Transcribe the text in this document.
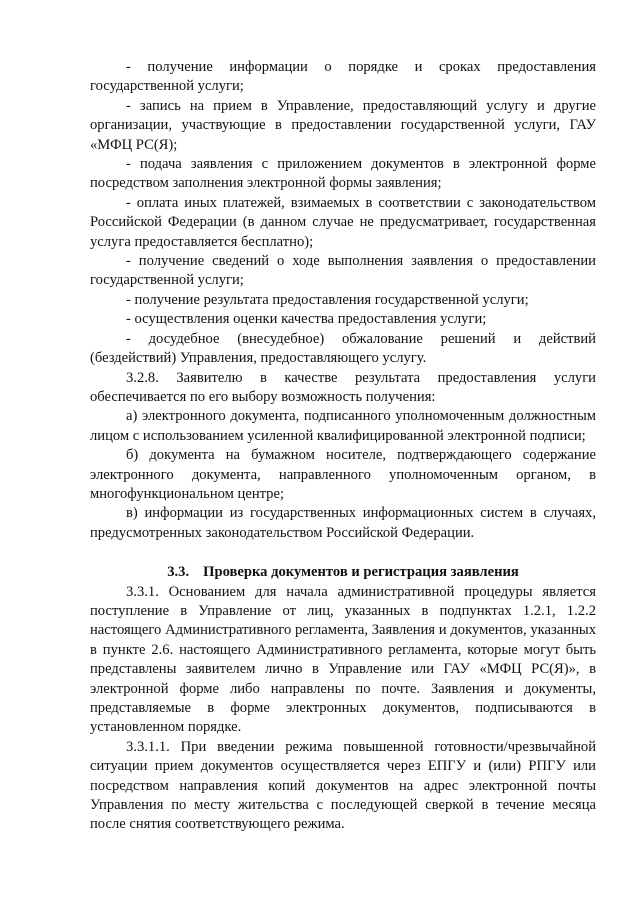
- получение информации о порядке и сроках предоставления государственной услуги;

- запись на прием в Управление, предоставляющий услугу и другие организации, участвующие в предоставлении государственной услуги, ГАУ «МФЦ РС(Я);

- подача заявления с приложением документов в электронной форме посредством заполнения электронной формы заявления;

- оплата иных платежей, взимаемых в соответствии с законодательством Российской Федерации (в данном случае не предусматривает, государственная услуга предоставляется бесплатно);

- получение сведений о ходе выполнения заявления о предоставлении государственной услуги;

- получение результата предоставления государственной услуги;

- осуществления оценки качества предоставления услуги;

- досудебное (внесудебное) обжалование решений и действий (бездействий) Управления, предоставляющего услугу.

3.2.8. Заявителю в качестве результата предоставления услуги обеспечивается по его выбору возможность получения:

а) электронного документа, подписанного уполномоченным должностным лицом с использованием усиленной квалифицированной электронной подписи;

б) документа на бумажном носителе, подтверждающего содержание электронного документа, направленного уполномоченным органом, в многофункциональном центре;

в) информации из государственных информационных систем в случаях, предусмотренных законодательством Российской Федерации.

3.3. Проверка документов и регистрация заявления

3.3.1. Основанием для начала административной процедуры является поступление в Управление от лиц, указанных в подпунктах 1.2.1, 1.2.2 настоящего Административного регламента, Заявления и документов, указанных в пункте 2.6. настоящего Административного регламента, которые могут быть представлены заявителем лично в Управление или ГАУ «МФЦ РС(Я)», в электронной форме либо направлены по почте. Заявления и документы, представляемые в форме электронных документов, подписываются в установленном порядке.

3.3.1.1. При введении режима повышенной готовности/чрезвычайной ситуации прием документов осуществляется через ЕПГУ и (или) РПГУ или посредством направления копий документов на адрес электронной почты Управления по месту жительства с последующей сверкой в течение месяца после снятия соответствующего режима.
